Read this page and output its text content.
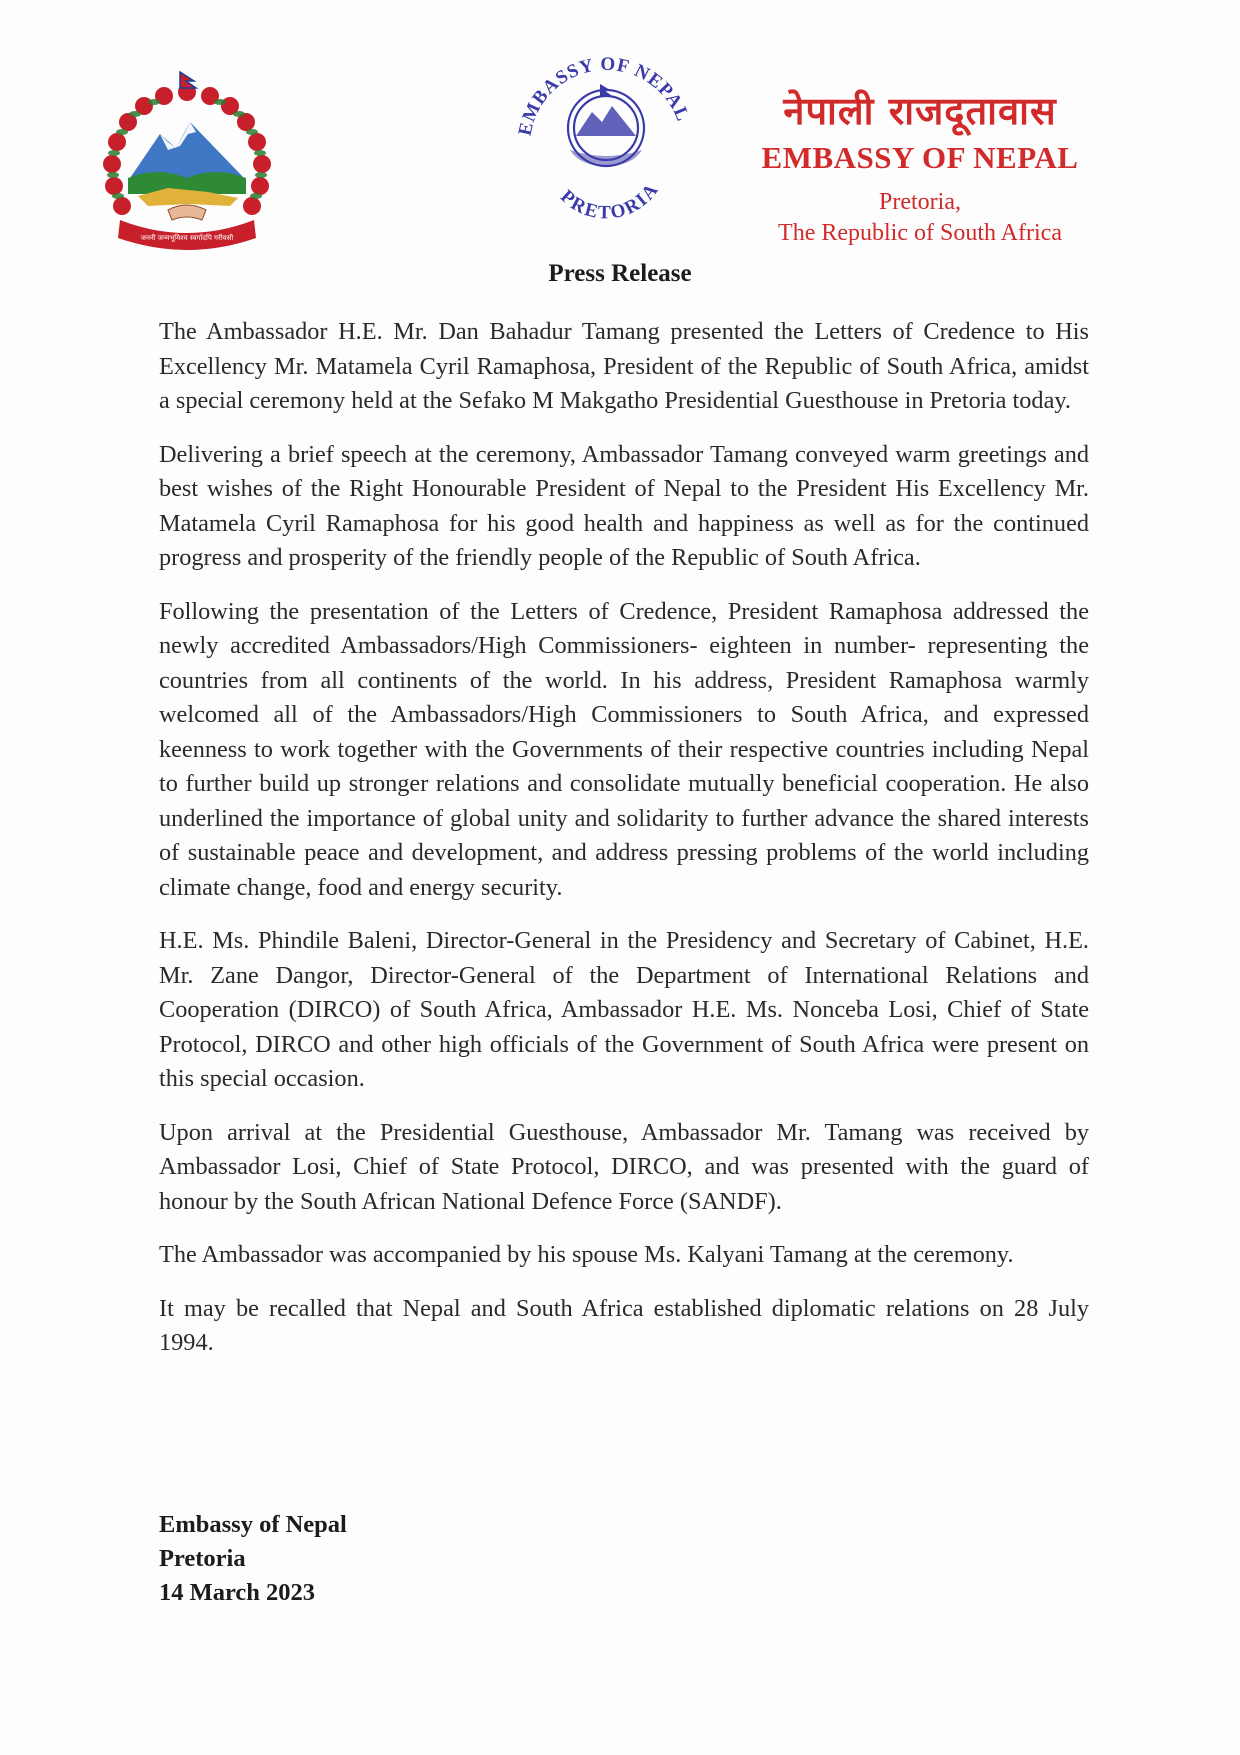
जननी जन्मभूमिश्च स्वर्गादपि गरीयसी
EMBASSY OF NEPAL
PRETORIA
नेपाली राजदूतावास
EMBASSY OF NEPAL
Pretoria,
The Republic of South Africa
Press Release

The Ambassador H.E. Mr. Dan Bahadur Tamang presented the Letters of Credence to His Excellency Mr. Matamela Cyril Ramaphosa, President of the Republic of South Africa, amidst a special ceremony held at the Sefako M Makgatho Presidential Guesthouse in Pretoria today.

Delivering a brief speech at the ceremony, Ambassador Tamang conveyed warm greetings and best wishes of the Right Honourable President of Nepal to the President His Excellency Mr. Matamela Cyril Ramaphosa for his good health and happiness as well as for the continued progress and prosperity of the friendly people of the Republic of South Africa.

Following the presentation of the Letters of Credence, President Ramaphosa addressed the newly accredited Ambassadors/High Commissioners- eighteen in number- representing the countries from all continents of the world. In his address, President Ramaphosa warmly welcomed all of the Ambassadors/High Commissioners to South Africa, and expressed keenness to work together with the Governments of their respective countries including Nepal to further build up stronger relations and consolidate mutually beneficial cooperation. He also underlined the importance of global unity and solidarity to further advance the shared interests of sustainable peace and development, and address pressing problems of the world including climate change, food and energy security.

H.E. Ms. Phindile Baleni, Director-General in the Presidency and Secretary of Cabinet, H.E. Mr. Zane Dangor, Director-General of the Department of International Relations and Cooperation (DIRCO) of South Africa, Ambassador H.E. Ms. Nonceba Losi, Chief of State Protocol, DIRCO and other high officials of the Government of South Africa were present on this special occasion.

Upon arrival at the Presidential Guesthouse, Ambassador Mr. Tamang was received by Ambassador Losi, Chief of State Protocol, DIRCO, and was presented with the guard of honour by the South African National Defence Force (SANDF).

The Ambassador was accompanied by his spouse Ms. Kalyani Tamang at the ceremony.

It may be recalled that Nepal and South Africa established diplomatic relations on 28 July 1994.

Embassy of Nepal
Pretoria
14 March 2023
